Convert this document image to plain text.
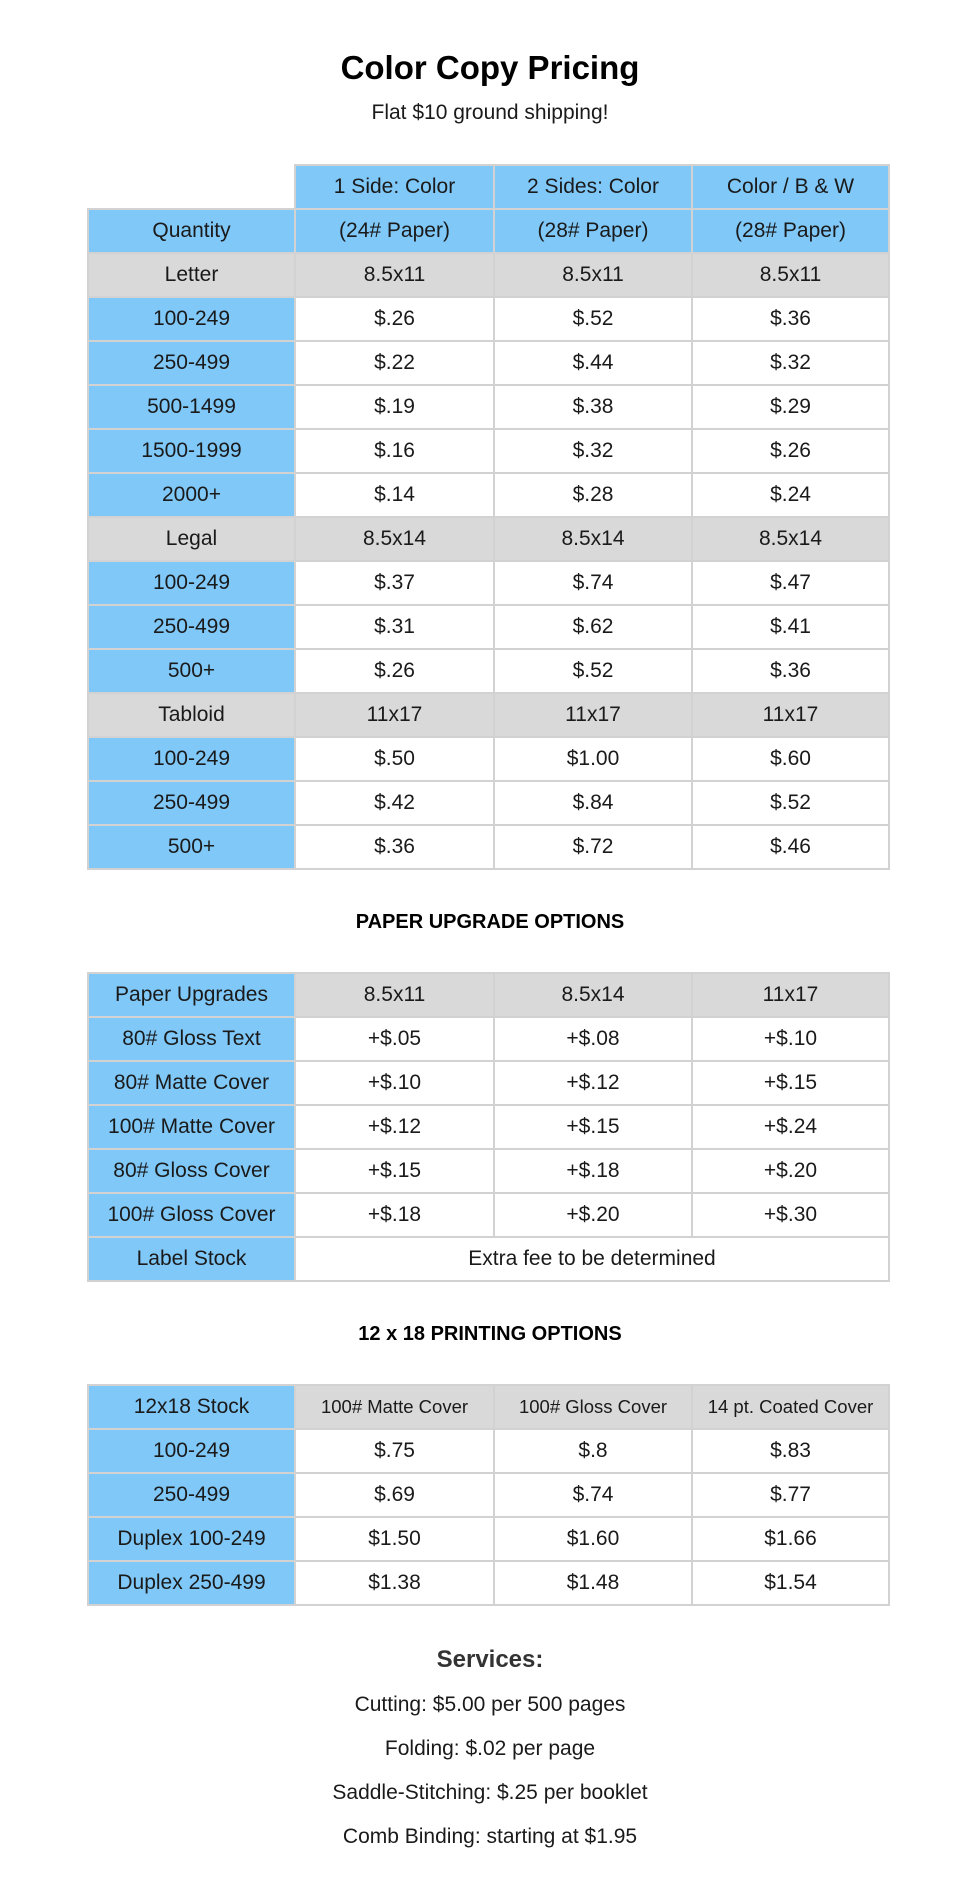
Color Copy Pricing
Flat $10 ground shipping!
	1 Side: Color	2 Sides: Color	Color / B & W
Quantity	(24# Paper)	(28# Paper)	(28# Paper)
Letter	8.5x11	8.5x11	8.5x11
100-249	$.26	$.52	$.36
250-499	$.22	$.44	$.32
500-1499	$.19	$.38	$.29
1500-1999	$.16	$.32	$.26
2000+	$.14	$.28	$.24
Legal	8.5x14	8.5x14	8.5x14
100-249	$.37	$.74	$.47
250-499	$.31	$.62	$.41
500+	$.26	$.52	$.36
Tabloid	11x17	11x17	11x17
100-249	$.50	$1.00	$.60
250-499	$.42	$.84	$.52
500+	$.36	$.72	$.46
PAPER UPGRADE OPTIONS
Paper Upgrades	8.5x11	8.5x14	11x17
80# Gloss Text	+$.05	+$.08	+$.10
80# Matte Cover	+$.10	+$.12	+$.15
100# Matte Cover	+$.12	+$.15	+$.24
80# Gloss Cover	+$.15	+$.18	+$.20
100# Gloss Cover	+$.18	+$.20	+$.30
Label Stock	Extra fee to be determined		
12 x 18 PRINTING OPTIONS
12x18 Stock	100# Matte Cover	100# Gloss Cover	14 pt. Coated Cover
100-249	$.75	$.8	$.83
250-499	$.69	$.74	$.77
Duplex 100-249	$1.50	$1.60	$1.66
Duplex 250-499	$1.38	$1.48	$1.54
Services:
Cutting: $5.00 per 500 pages
Folding: $.02 per page
Saddle-Stitching: $.25 per booklet
Comb Binding: starting at $1.95
